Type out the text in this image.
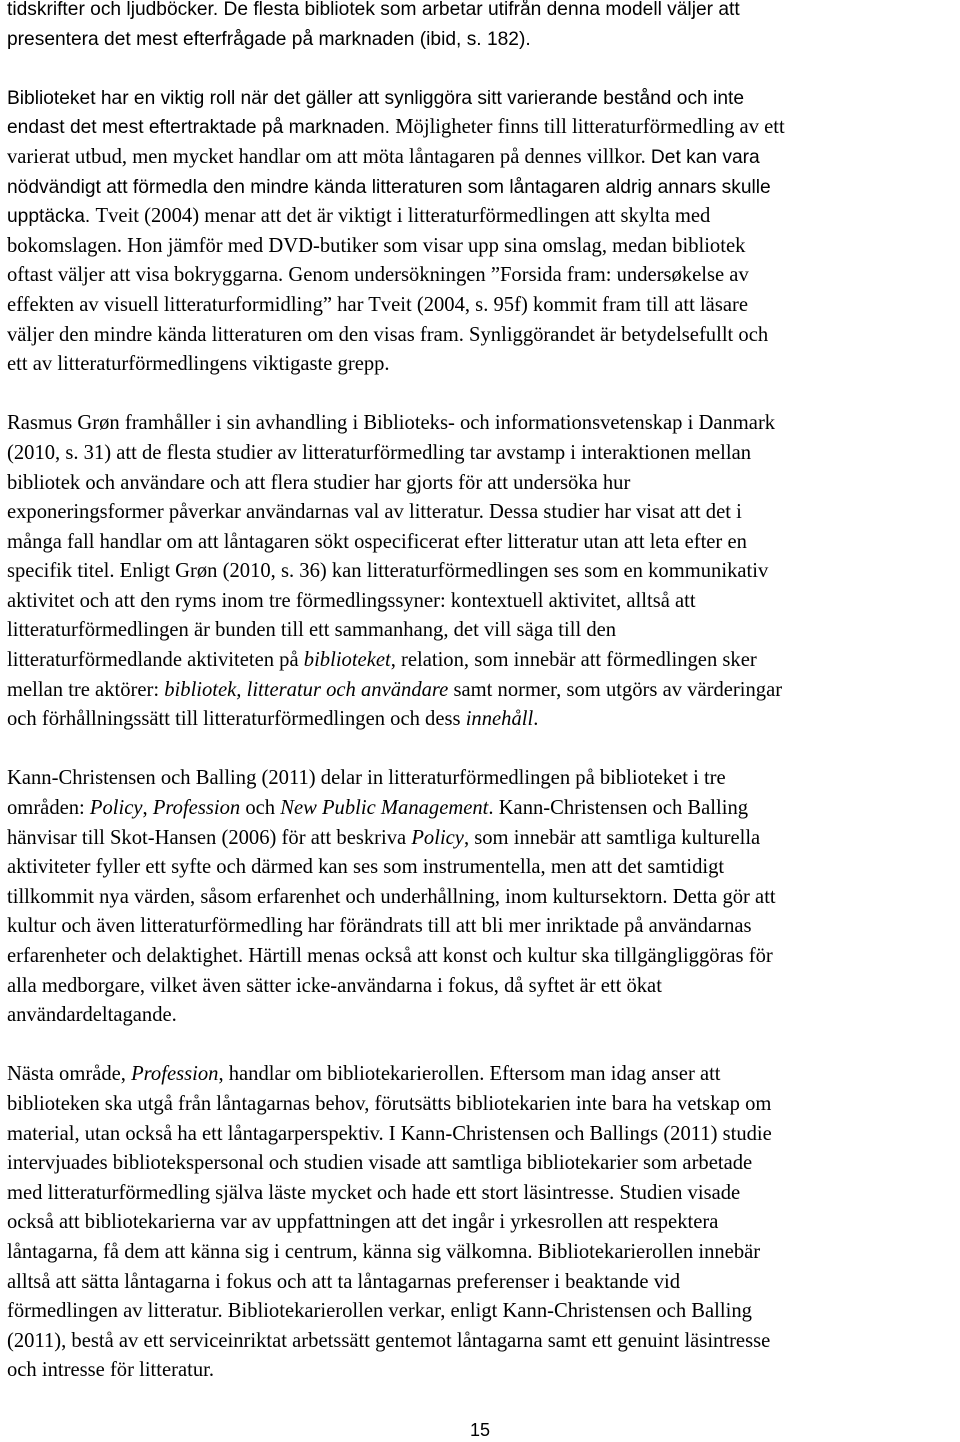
tidskrifter och ljudböcker. De flesta bibliotek som arbetar utifrån denna modell väljer att
presentera det mest efterfrågade på marknaden (ibid, s. 182).
Biblioteket har en viktig roll när det gäller att synliggöra sitt varierande bestånd och inte
endast det mest eftertraktade på marknaden. Möjligheter finns till litteraturförmedling av ett
varierat utbud, men mycket handlar om att möta låntagaren på dennes villkor. Det kan vara
nödvändigt att förmedla den mindre kända litteraturen som låntagaren aldrig annars skulle
upptäcka. Tveit (2004) menar att det är viktigt i litteraturförmedlingen att skylta med
bokomslagen. Hon jämför med DVD-butiker som visar upp sina omslag, medan bibliotek
oftast väljer att visa bokryggarna. Genom undersökningen ”Forsida fram: undersøkelse av
effekten av visuell litteraturformidling” har Tveit (2004, s. 95f) kommit fram till att läsare
väljer den mindre kända litteraturen om den visas fram. Synliggörandet är betydelsefullt och
ett av litteraturförmedlingens viktigaste grepp.
Rasmus Grøn framhåller i sin avhandling i Biblioteks- och informationsvetenskap i Danmark
(2010, s. 31) att de flesta studier av litteraturförmedling tar avstamp i interaktionen mellan
bibliotek och användare och att flera studier har gjorts för att undersöka hur
exponeringsformer påverkar användarnas val av litteratur. Dessa studier har visat att det i
många fall handlar om att låntagaren sökt ospecificerat efter litteratur utan att leta efter en
specifik titel. Enligt Grøn (2010, s. 36) kan litteraturförmedlingen ses som en kommunikativ
aktivitet och att den ryms inom tre förmedlingssyner: kontextuell aktivitet, alltså att
litteraturförmedlingen är bunden till ett sammanhang, det vill säga till den
litteraturförmedlande aktiviteten på biblioteket, relation, som innebär att förmedlingen sker
mellan tre aktörer: bibliotek, litteratur och användare samt normer, som utgörs av värderingar
och förhållningssätt till litteraturförmedlingen och dess innehåll.
Kann-Christensen och Balling (2011) delar in litteraturförmedlingen på biblioteket i tre
områden: Policy, Profession och New Public Management. Kann-Christensen och Balling
hänvisar till Skot-Hansen (2006) för att beskriva Policy, som innebär att samtliga kulturella
aktiviteter fyller ett syfte och därmed kan ses som instrumentella, men att det samtidigt
tillkommit nya värden, såsom erfarenhet och underhållning, inom kultursektorn. Detta gör att
kultur och även litteraturförmedling har förändrats till att bli mer inriktade på användarnas
erfarenheter och delaktighet. Härtill menas också att konst och kultur ska tillgängliggöras för
alla medborgare, vilket även sätter icke-användarna i fokus, då syftet är ett ökat
användardeltagande.
Nästa område, Profession, handlar om bibliotekarierollen. Eftersom man idag anser att
biblioteken ska utgå från låntagarnas behov, förutsätts bibliotekarien inte bara ha vetskap om
material, utan också ha ett låntagarperspektiv. I Kann-Christensen och Ballings (2011) studie
intervjuades bibliotekspersonal och studien visade att samtliga bibliotekarier som arbetade
med litteraturförmedling själva läste mycket och hade ett stort läsintresse. Studien visade
också att bibliotekarierna var av uppfattningen att det ingår i yrkesrollen att respektera
låntagarna, få dem att känna sig i centrum, känna sig välkomna. Bibliotekarierollen innebär
alltså att sätta låntagarna i fokus och att ta låntagarnas preferenser i beaktande vid
förmedlingen av litteratur. Bibliotekarierollen verkar, enligt Kann-Christensen och Balling
(2011), bestå av ett serviceinriktat arbetssätt gentemot låntagarna samt ett genuint läsintresse
och intresse för litteratur.
15
